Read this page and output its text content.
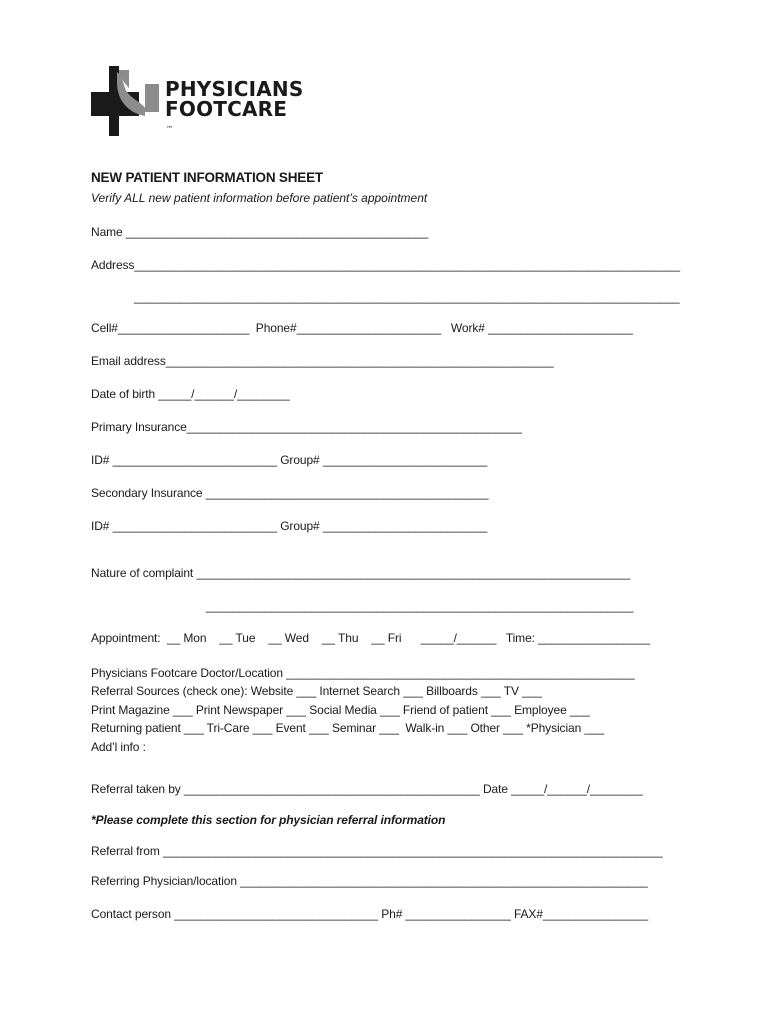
PHYSICIANS
FOOTCARE
™
NEW PATIENT INFORMATION SHEET
Verify ALL new patient information before patient’s appointment
Name ______________________________________________
Address___________________________________________________________________________________
___________________________________________________________________________________
Cell#____________________  Phone#______________________   Work# ______________________
Email address___________________________________________________________
Date of birth _____/______/________
Primary Insurance___________________________________________________
ID# _________________________ Group# _________________________
Secondary Insurance ___________________________________________
ID# _________________________ Group# _________________________
Nature of complaint __________________________________________________________________
_________________________________________________________________
Appointment:  __ Mon    __ Tue    __ Wed    __ Thu    __ Fri      _____/______   Time: _________________
Physicians Footcare Doctor/Location _____________________________________________________
Referral Sources (check one): Website ___ Internet Search ___ Billboards ___ TV ___
Print Magazine ___ Print Newspaper ___ Social Media ___ Friend of patient ___ Employee ___
Returning patient ___ Tri-Care ___ Event ___ Seminar ___  Walk-in ___ Other ___ *Physician ___
Add’l info :
Referral taken by _____________________________________________ Date _____/______/________
*Please complete this section for physician referral information
Referral from ____________________________________________________________________________
Referring Physician/location ______________________________________________________________
Contact person _______________________________ Ph# ________________ FAX#________________
